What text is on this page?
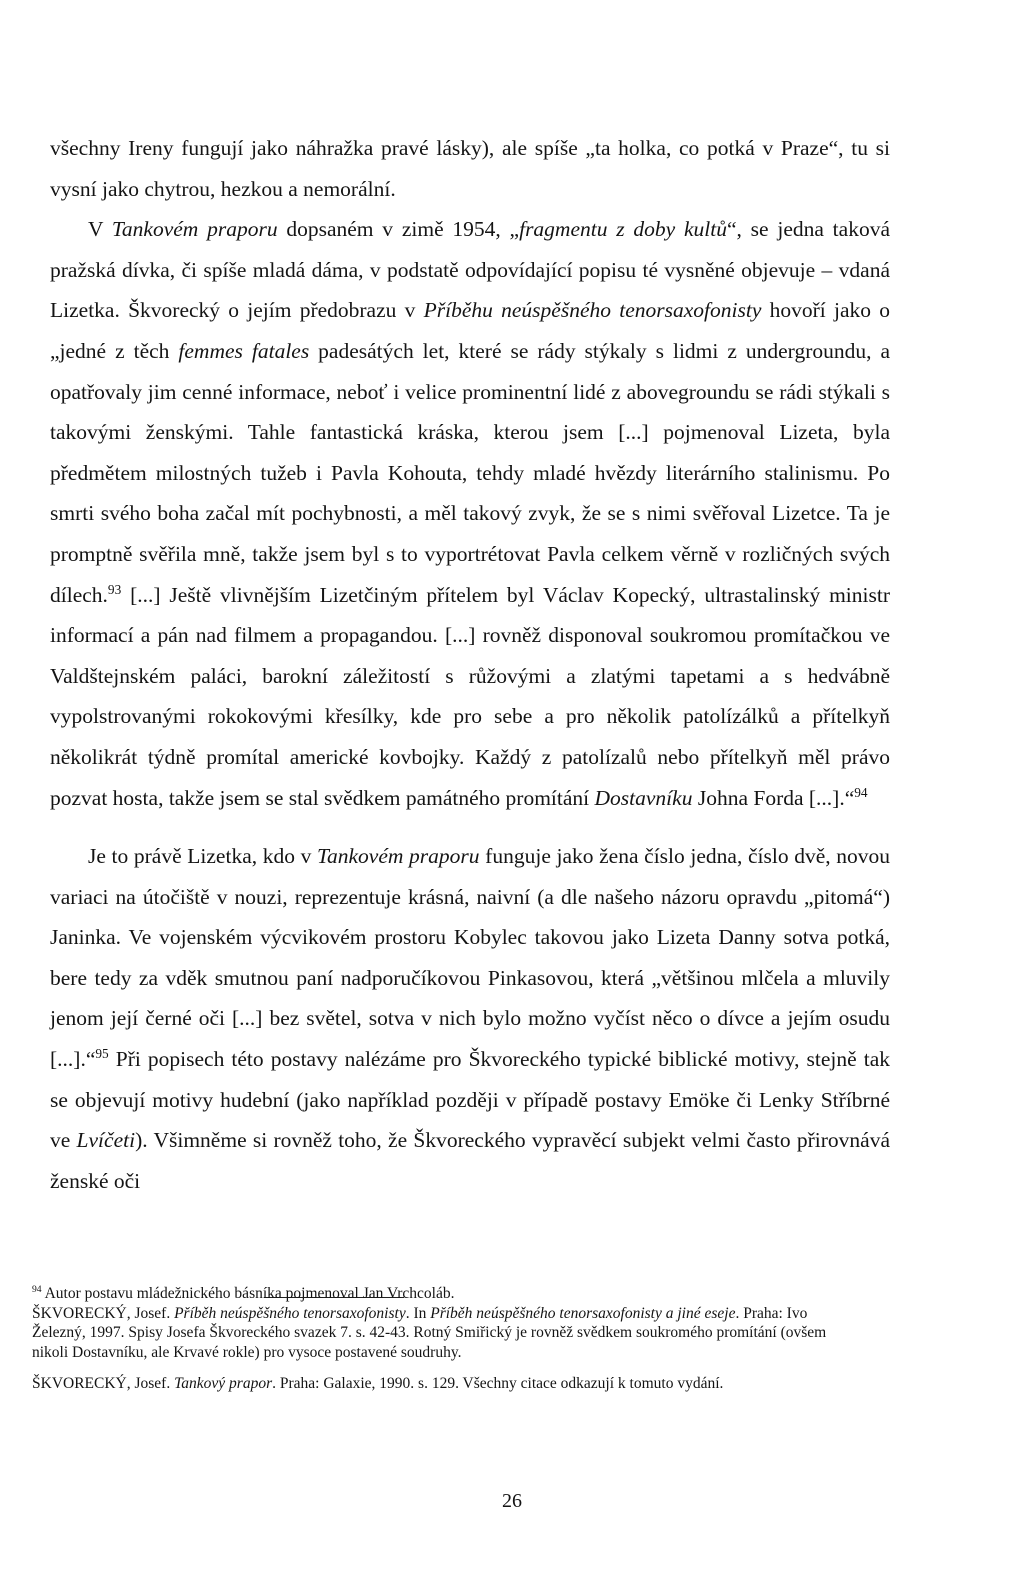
všechny Ireny fungují jako náhražka pravé lásky), ale spíše „ta holka, co potká v Praze“, tu si vysní jako chytrou, hezkou a nemorální.

V Tankovém praporu dopsaném v zimě 1954, „fragmentu z doby kultů“, se jedna taková pražská dívka, či spíše mladá dáma, v podstatě odpovídající popisu té vysněné objevuje – vdaná Lizetka. Škvorecký o jejím předobrazu v Příběhu neúspěšného tenorsaxofonisty hovoří jako o „jedné z těch femmes fatales padesátých let, které se rády stýkaly s lidmi z undergroundu, a opatřovaly jim cenné informace, neboť i velice prominentní lidé z abovegroundu se rádi stýkali s takovými ženskými. Tahle fantastická kráska, kterou jsem [...] pojmenoval Lizeta, byla předmětem milostných tužeb i Pavla Kohouta, tehdy mladé hvězdy literárního stalinismu. Po smrti svého boha začal mít pochybnosti, a měl takový zvyk, že se s nimi svěřoval Lizetce. Ta je promptně svěřila mně, takže jsem byl s to vyportrétovat Pavla celkem věrně v rozličných svých dílech.$^{93}$ [...] Ještě vlivnějším Lizetčiným přítelem byl Václav Kopecký, ultrastalinský ministr informací a pán nad filmem a propagandou. [...] rovněž disponoval soukromou promítačkou ve Valdštejnském paláci, barokní záležitostí s růžovými a zlatými tapetami a s hedvábně vypolstrovanými rokokovými křesílky, kde pro sebe a pro několik patolízálků a přítelkyň několikrát týdně promítal americké kovbojky. Každý z patolízalů nebo přítelkyň měl právo pozvat hosta, takže jsem se stal svědkem památného promítání Dostavníku Johna Forda [...].“$^{94}$

Je to právě Lizetka, kdo v Tankovém praporu funguje jako žena číslo jedna, číslo dvě, novou variaci na útočiště v nouzi, reprezentuje krásná, naivní (a dle našeho názoru opravdu „pitomá“) Janinka. Ve vojenském výcvikovém prostoru Kobylec takovou jako Lizeta Danny sotva potká, bere tedy za vděk smutnou paní nadporučíkovou Pinkasovou, která „většinou mlčela a mluvily jenom její černé oči [...] bez světel, sotva v nich bylo možno vyčíst něco o dívce a jejím osudu [...].“$^{95}$ Při popisech této postavy nalézáme pro Škvoreckého typické biblické motivy, stejně tak se objevují motivy hudební (jako například později v případě postavy Emöke či Lenky Stříbrné ve Lvíčeti). Všimněme si rovněž toho, že Škvoreckého vypravěcí subjekt velmi často přirovnává ženské oči

$^{94}$ Autor postavu mládežnického básníka pojmenoval Jan Vrchcoláb.

ŠKVORECKÝ, Josef. Příběh neúspěšného tenorsaxofonisty. In Příběh neúspěšného tenorsaxofonisty a jiné eseje. Praha: Ivo Železný, 1997. Spisy Josefa Škvoreckého svazek 7. s. 42-43. Rotný Smiřický je rovněž svědkem soukromého promítání (ovšem nikoli Dostavníku, ale Krvavé rokle) pro vysoce postavené soudruhy.

ŠKVORECKÝ, Josef. Tankový prapor. Praha: Galaxie, 1990. s. 129. Všechny citace odkazují k tomuto vydání.

26
